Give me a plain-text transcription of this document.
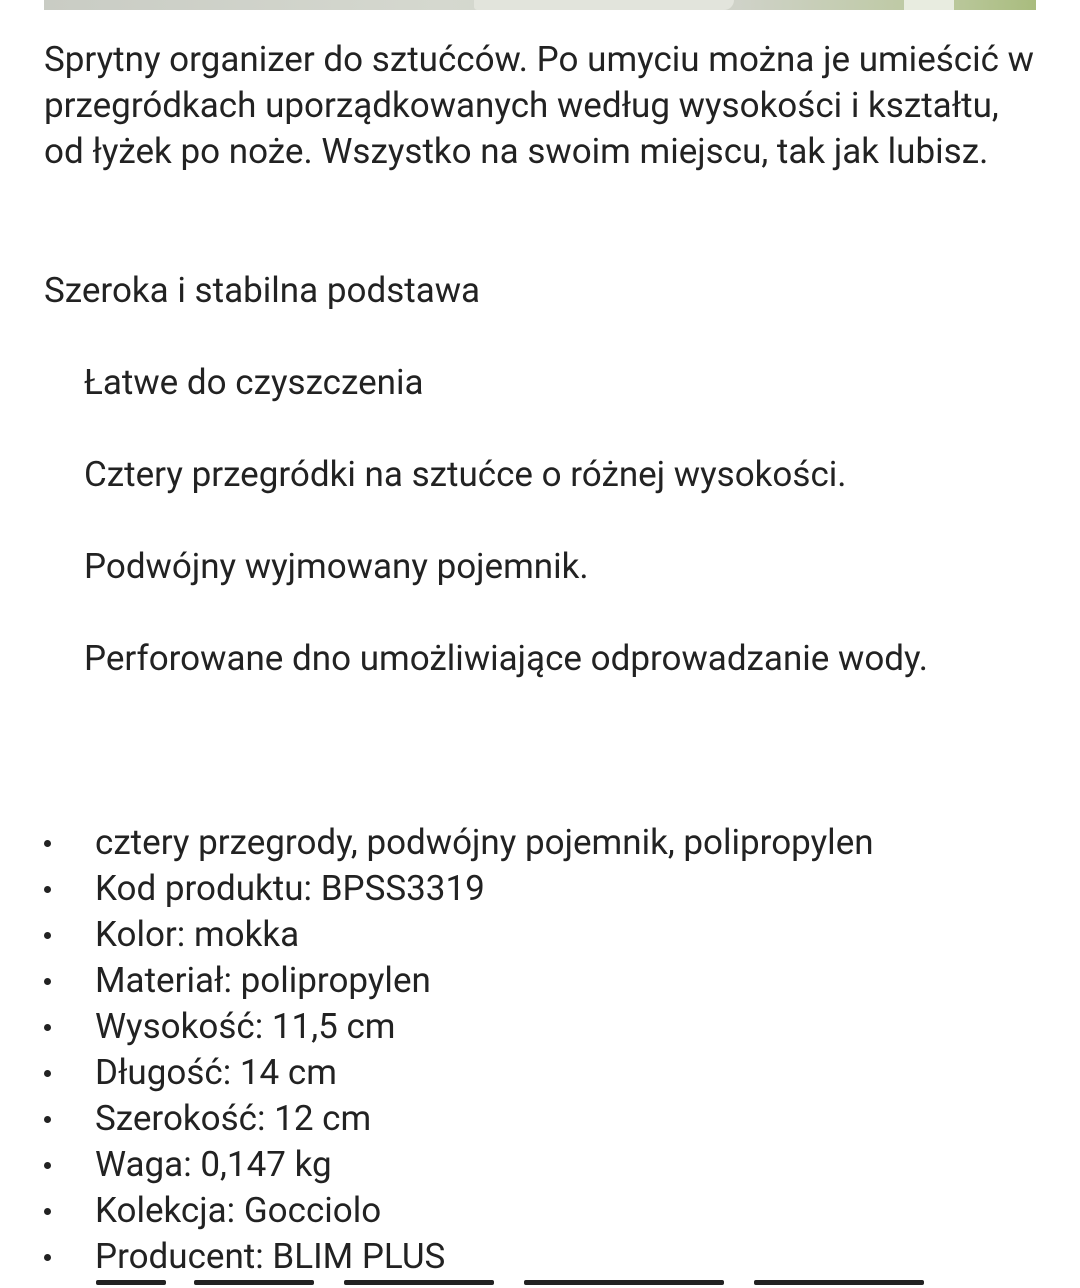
Sprytny organizer do sztućców. Po umyciu można je umieścić w przegródkach uporządkowanych według wysokości i kształtu, od łyżek po noże. Wszystko na swoim miejscu, tak jak lubisz.

Szeroka i stabilna podstawa

Łatwe do czyszczenia

Cztery przegródki na sztućce o różnej wysokości.

Podwójny wyjmowany pojemnik.

Perforowane dno umożliwiające odprowadzanie wody.

cztery przegrody, podwójny pojemnik, polipropylen
Kod produktu: BPSS3319
Kolor: mokka
Materiał: polipropylen
Wysokość: 11,5 cm
Długość: 14 cm
Szerokość: 12 cm
Waga: 0,147 kg
Kolekcja: Gocciolo
Producent: BLIM PLUS
